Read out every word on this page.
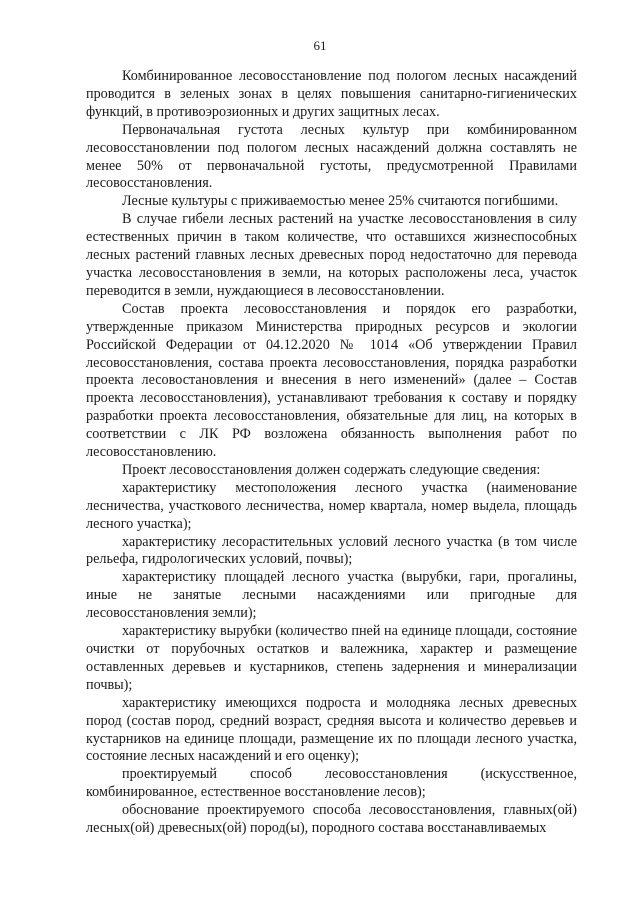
61

Комбинированное лесовосстановление под пологом лесных насаждений проводится в зеленых зонах в целях повышения санитарно-гигиенических функций, в противоэрозионных и других защитных лесах.

Первоначальная густота лесных культур при комбинированном лесовосстановлении под пологом лесных насаждений должна составлять не менее 50% от первоначальной густоты, предусмотренной Правилами лесовосстановления.

Лесные культуры с приживаемостью менее 25% считаются погибшими.

В случае гибели лесных растений на участке лесовосстановления в силу естественных причин в таком количестве, что оставшихся жизнеспособных лесных растений главных лесных древесных пород недостаточно для перевода участка лесовосстановления в земли, на которых расположены леса, участок переводится в земли, нуждающиеся в лесовосстановлении.

Состав проекта лесовосстановления и порядок его разработки, утвержденные приказом Министерства природных ресурсов и экологии Российской Федерации от 04.12.2020 № 1014 «Об утверждении Правил лесовосстановления, состава проекта лесовосстановления, порядка разработки проекта лесовостановления и внесения в него изменений» (далее – Состав проекта лесовосстановления), устанавливают требования к составу и порядку разработки проекта лесовосстановления, обязательные для лиц, на которых в соответствии с ЛК РФ возложена обязанность выполнения работ по лесовосстановлению.

Проект лесовосстановления должен содержать следующие сведения:

характеристику местоположения лесного участка (наименование лесничества, участкового лесничества, номер квартала, номер выдела, площадь лесного участка);

характеристику лесорастительных условий лесного участка (в том числе рельефа, гидрологических условий, почвы);

характеристику площадей лесного участка (вырубки, гари, прогалины, иные не занятые лесными насаждениями или пригодные для лесовосстановления земли);

характеристику вырубки (количество пней на единице площади, состояние очистки от порубочных остатков и валежника, характер и размещение оставленных деревьев и кустарников, степень задернения и минерализации почвы);

характеристику имеющихся подроста и молодняка лесных древесных пород (состав пород, средний возраст, средняя высота и количество деревьев и кустарников на единице площади, размещение их по площади лесного участка, состояние лесных насаждений и его оценку);

проектируемый способ лесовосстановления (искусственное, комбинированное, естественное восстановление лесов);

обоснование проектируемого способа лесовосстановления, главных(ой) лесных(ой) древесных(ой) пород(ы), породного состава восстанавливаемых
